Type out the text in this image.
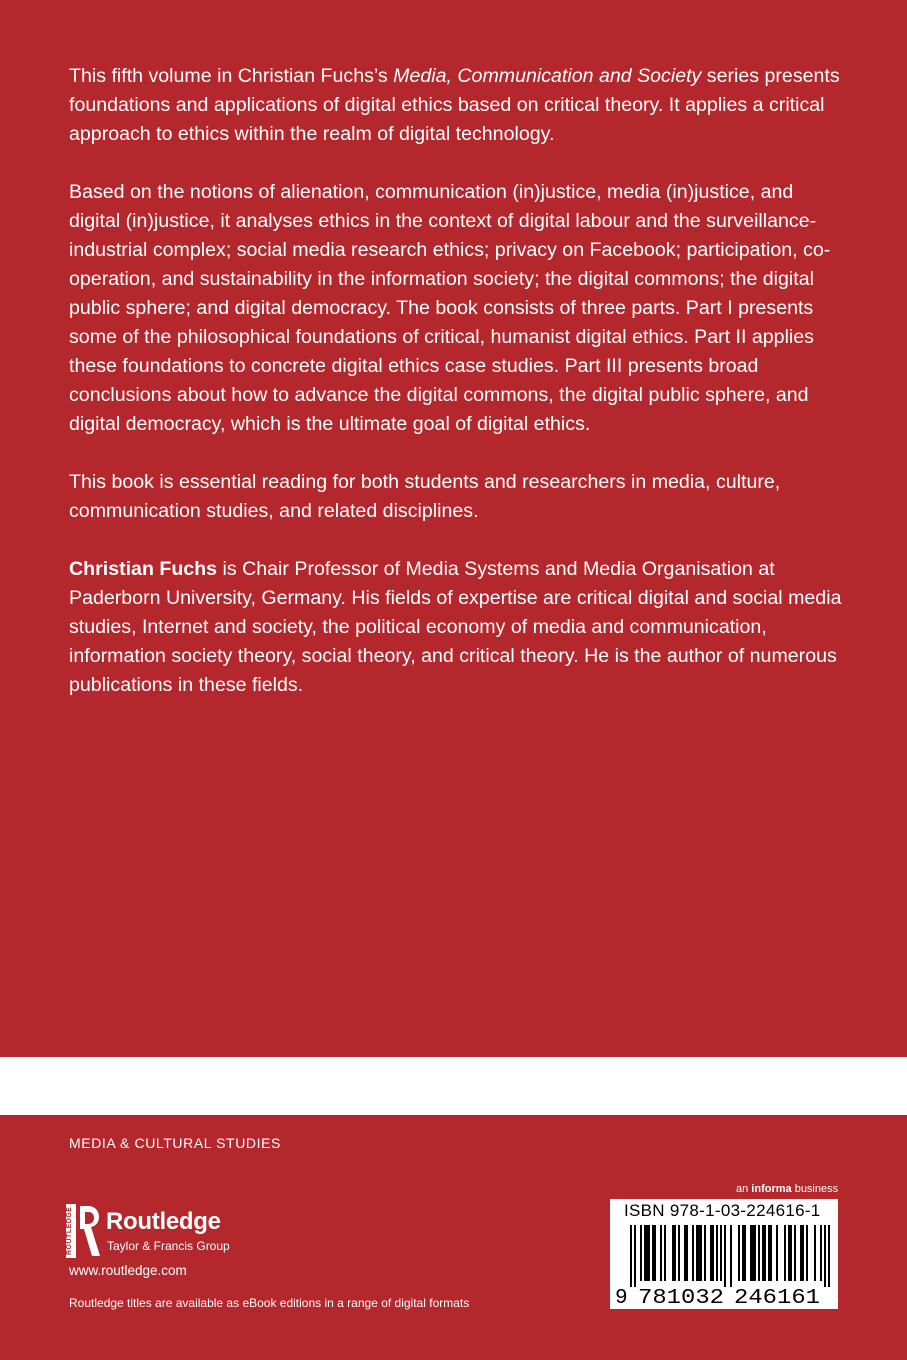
This fifth volume in Christian Fuchs’s Media, Communication and Society series presents foundations and applications of digital ethics based on critical theory. It applies a critical approach to ethics within the realm of digital technology.

Based on the notions of alienation, communication (in)justice, media (in)justice, and digital (in)justice, it analyses ethics in the context of digital labour and the surveillance-industrial complex; social media research ethics; privacy on Facebook; participation, co-operation, and sustainability in the information society; the digital commons; the digital public sphere; and digital democracy. The book consists of three parts. Part I presents some of the philosophical foundations of critical, humanist digital ethics. Part II applies these foundations to concrete digital ethics case studies. Part III presents broad conclusions about how to advance the digital commons, the digital public sphere, and digital democracy, which is the ultimate goal of digital ethics.

This book is essential reading for both students and researchers in media, culture, communication studies, and related disciplines.

Christian Fuchs is Chair Professor of Media Systems and Media Organisation at Paderborn University, Germany. His fields of expertise are critical digital and social media studies, Internet and society, the political economy of media and communication, information society theory, social theory, and critical theory. He is the author of numerous publications in these fields.

MEDIA & CULTURAL STUDIES
ROUTLEDGE Routledge
Taylor & Francis Group
www.routledge.com
Routledge titles are available as eBook editions in a range of digital formats
an informa business
ISBN 978-1-03-224616-1
9 781032 246161
